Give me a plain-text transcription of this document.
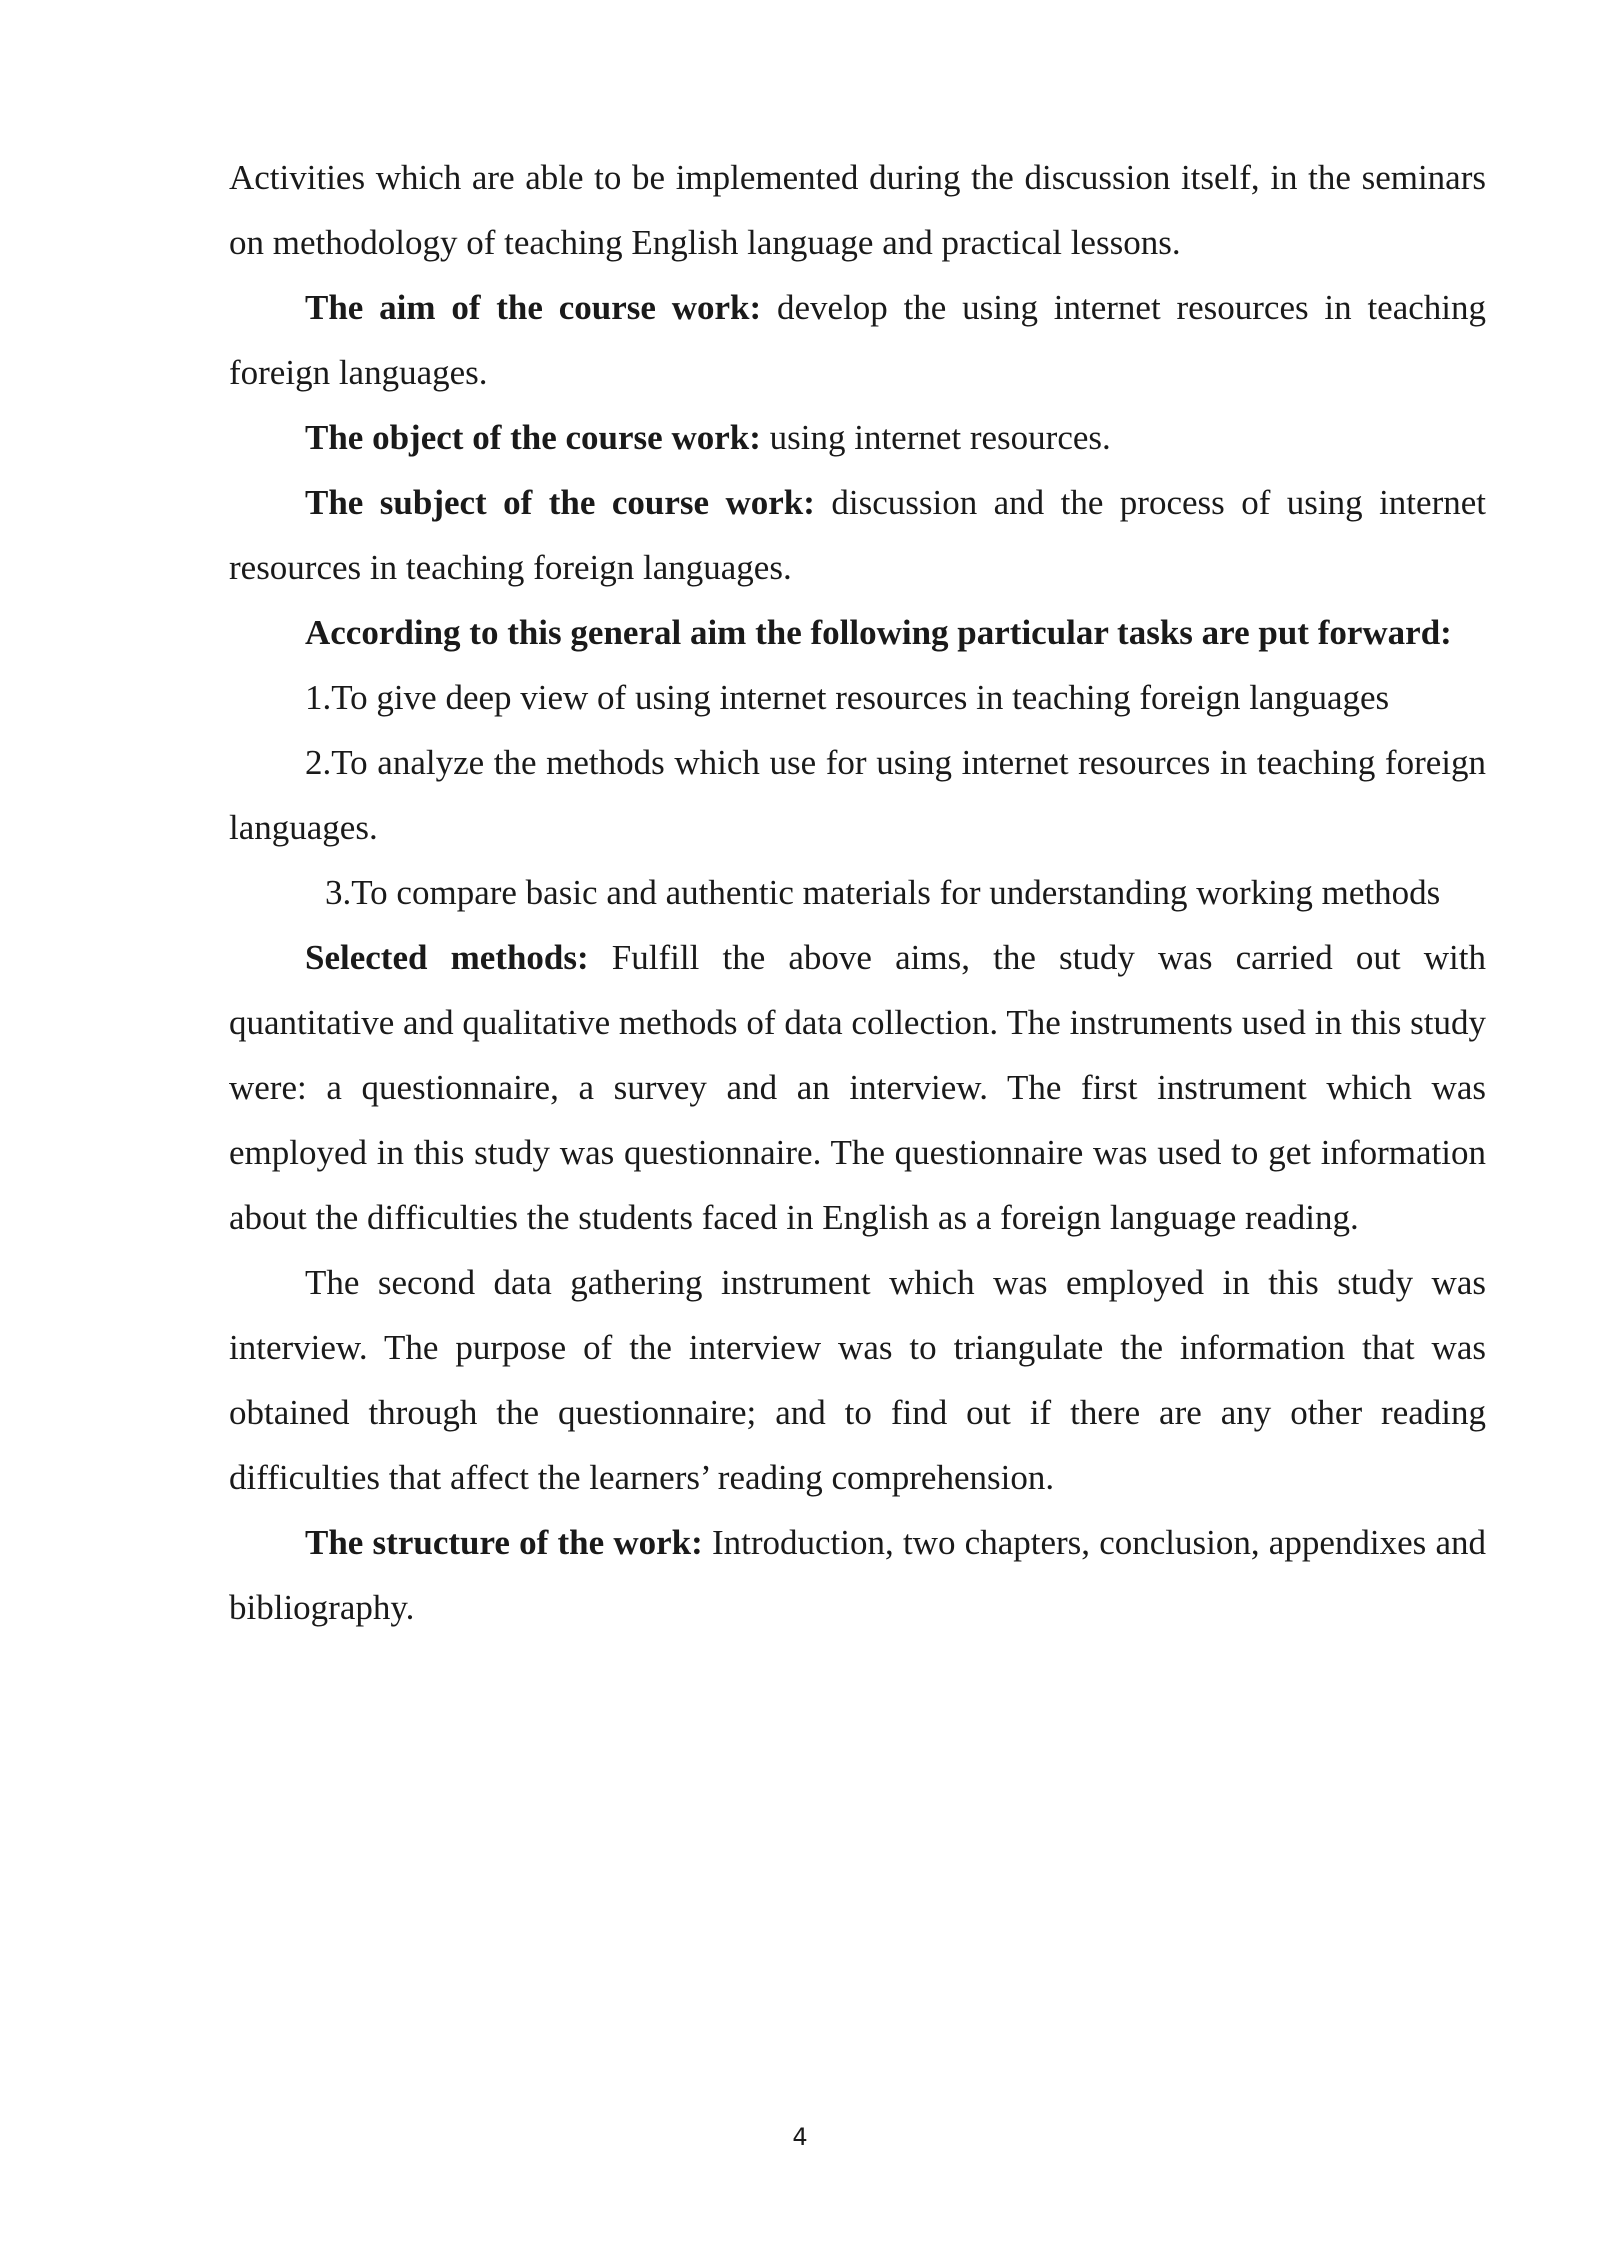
Activities which are able to be implemented during the discussion itself, in the seminars on methodology of teaching English language and practical lessons.

The aim of the course work: develop the using internet resources in teaching foreign languages.

The object of the course work: using internet resources.

The subject of the course work: discussion and the process of using internet resources in teaching foreign languages.

According to this general aim the following particular tasks are put forward:

1.To give deep view of using internet resources in teaching foreign languages

2.To analyze the methods which use for using internet resources in teaching foreign languages.

3.To compare basic and authentic materials for understanding working methods

Selected methods: Fulfill the above aims, the study was carried out with quantitative and qualitative methods of data collection. The instruments used in this study were: a questionnaire, a survey and an interview. The first instrument which was employed in this study was questionnaire. The questionnaire was used to get information about the difficulties the students faced in English as a foreign language reading.

The second data gathering instrument which was employed in this study was interview. The purpose of the interview was to triangulate the information that was obtained through the questionnaire; and to find out if there are any other reading difficulties that affect the learners’ reading comprehension.

The structure of the work: Introduction, two chapters, conclusion, appendixes and bibliography.

4
